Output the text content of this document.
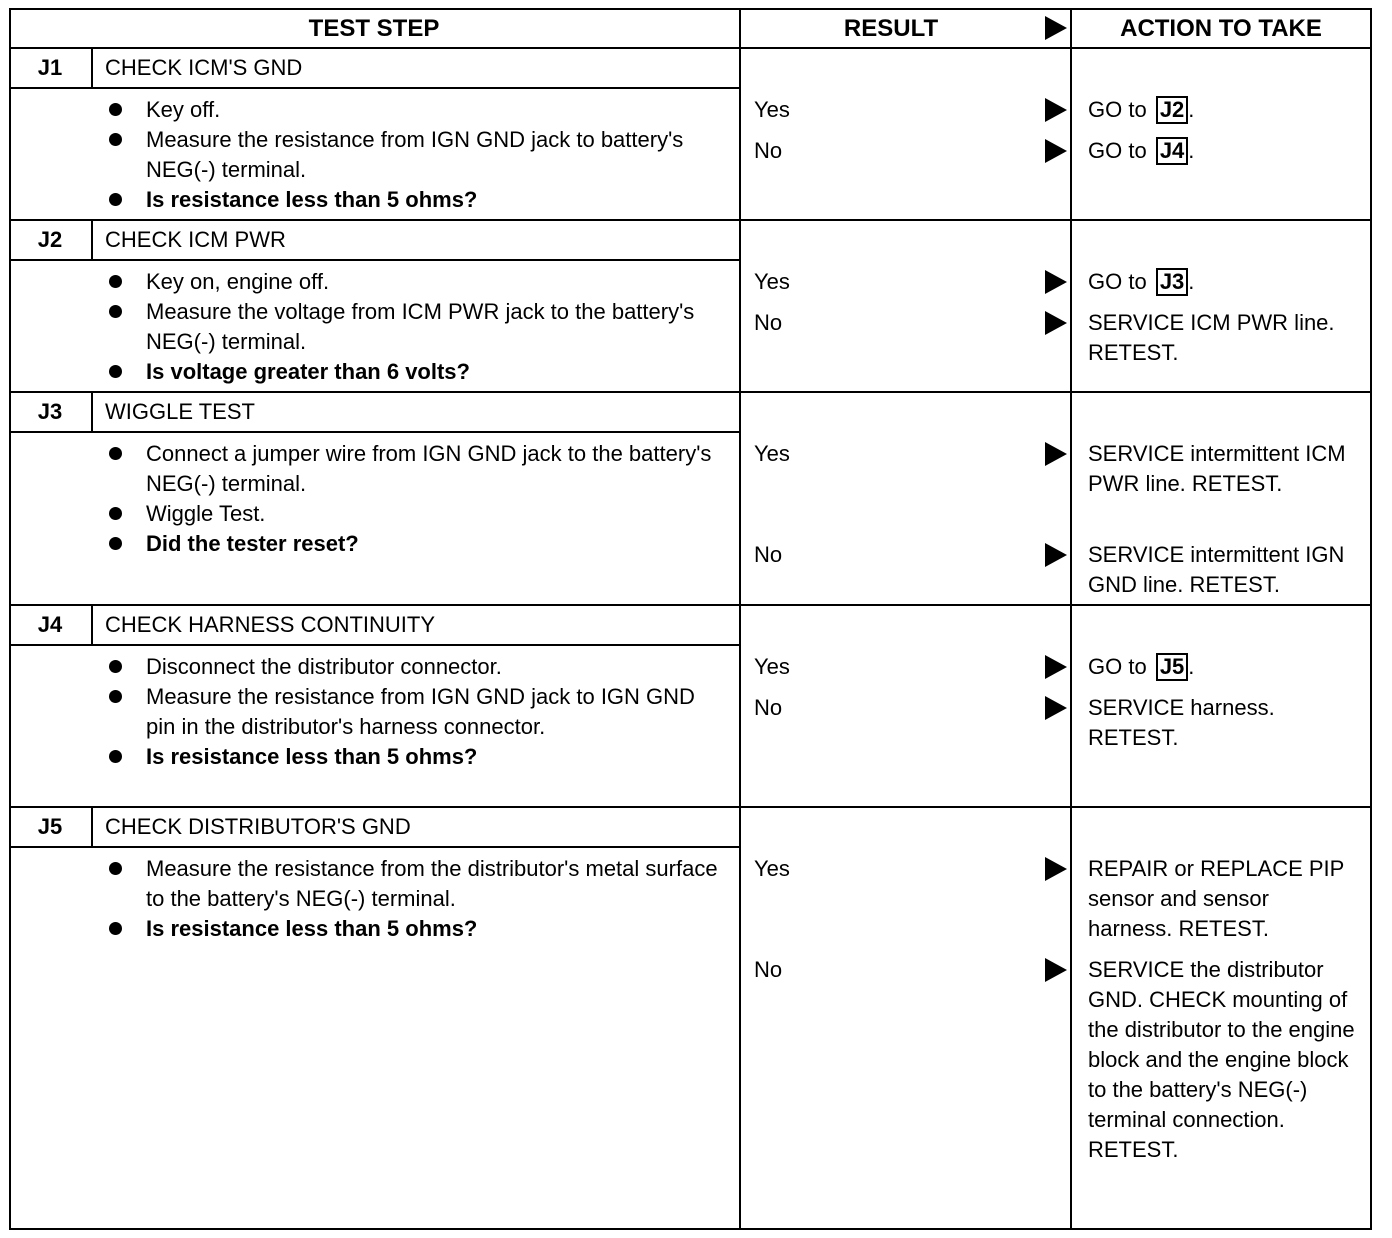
TEST STEP	RESULT	ACTION TO TAKE
J1	CHECK ICM'S GND
Key off.
Measure the resistance from IGN GND jack to battery's NEG(-) terminal.
Is resistance less than 5 ohms?
Yes	GO to J2 .
No	GO to J4 .
J2	CHECK ICM PWR
Key on, engine off.
Measure the voltage from ICM PWR jack to the battery's NEG(-) terminal.
Is voltage greater than 6 volts?
Yes	GO to J3 .
No	SERVICE ICM PWR line. RETEST.
J3	WIGGLE TEST
Connect a jumper wire from IGN GND jack to the battery's NEG(-) terminal.
Wiggle Test.
Did the tester reset?
Yes	SERVICE intermittent ICM PWR line. RETEST.
No	SERVICE intermittent IGN GND line. RETEST.
J4	CHECK HARNESS CONTINUITY
Disconnect the distributor connector.
Measure the resistance from IGN GND jack to IGN GND pin in the distributor's harness connector.
Is resistance less than 5 ohms?
Yes	GO to J5 .
No	SERVICE harness. RETEST.
J5	CHECK DISTRIBUTOR'S GND
Measure the resistance from the distributor's metal surface to the battery's NEG(-) terminal.
Is resistance less than 5 ohms?
Yes	REPAIR or REPLACE PIP sensor and sensor harness. RETEST.
No	SERVICE the distributor GND. CHECK mounting of the distributor to the engine block and the engine block to the battery's NEG(-) terminal connection. RETEST.
